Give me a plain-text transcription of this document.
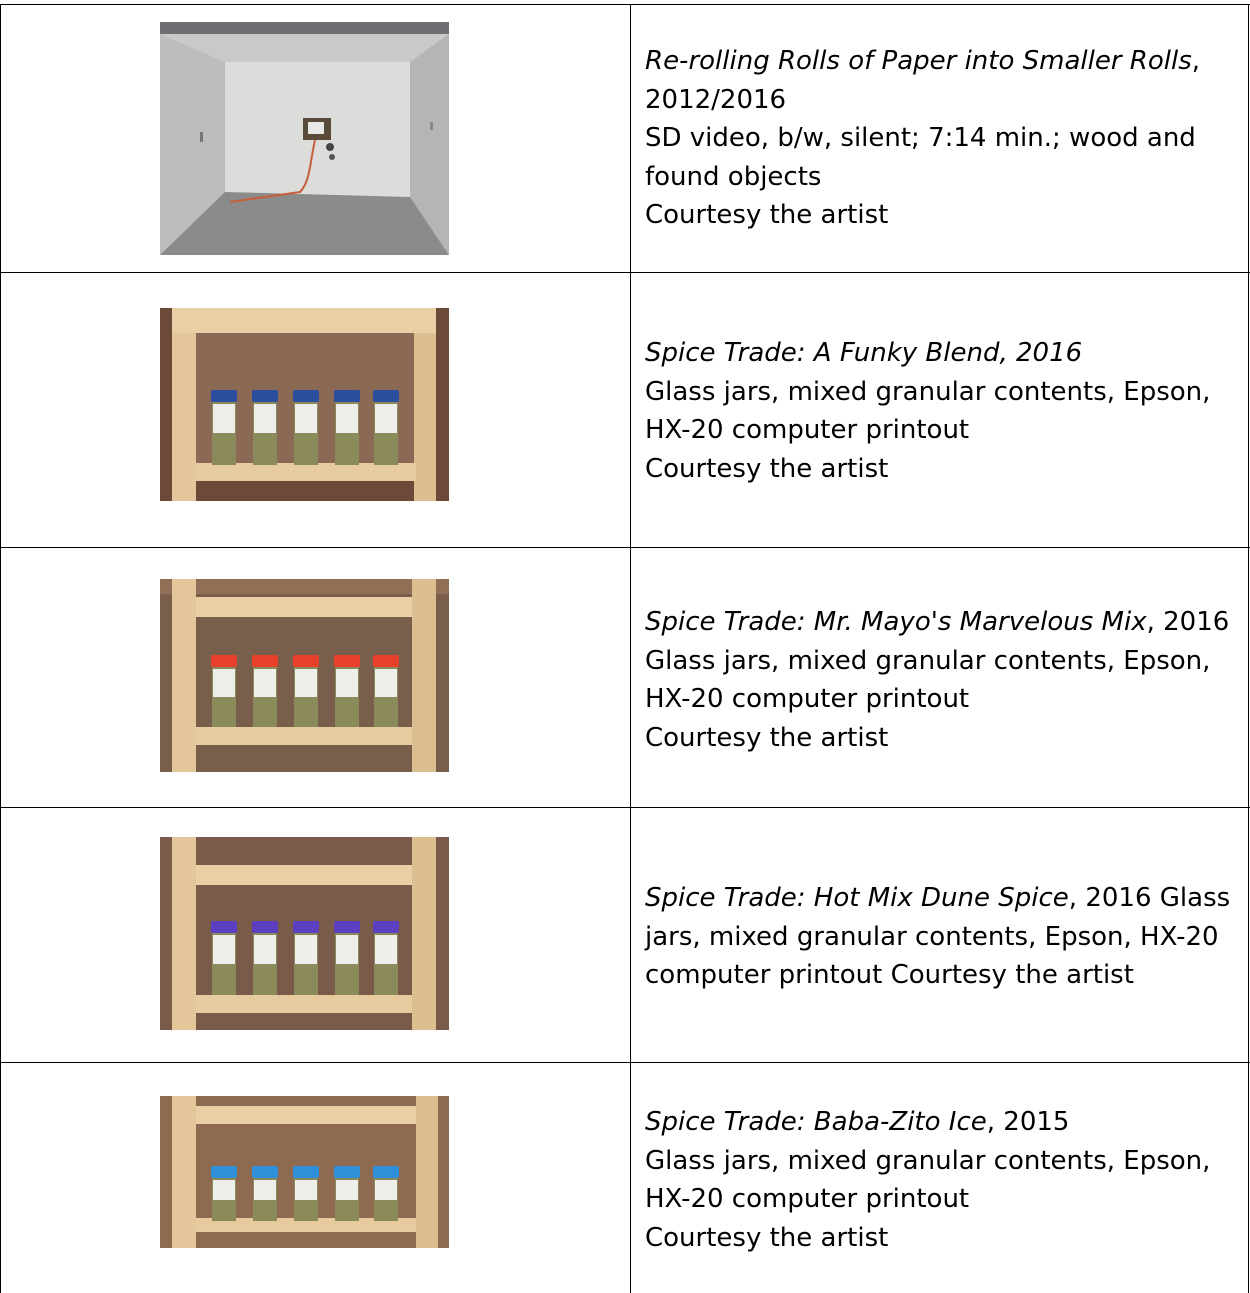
Re-rolling Rolls of Paper into Smaller Rolls,
2012/2016
SD video, b/w, silent; 7:14 min.; wood and found objects
Courtesy the artist
Spice Trade: A Funky Blend, 2016
Glass jars, mixed granular contents, Epson, HX-20 computer printout
Courtesy the artist
Spice Trade: Mr. Mayo's Marvelous Mix, 2016
Glass jars, mixed granular contents, Epson, HX-20 computer printout
Courtesy the artist
Spice Trade: Hot Mix Dune Spice, 2016 Glass jars, mixed granular contents, Epson, HX-20 computer printout Courtesy the artist
Spice Trade: Baba-Zito Ice, 2015
Glass jars, mixed granular contents, Epson, HX-20 computer printout
Courtesy the artist
